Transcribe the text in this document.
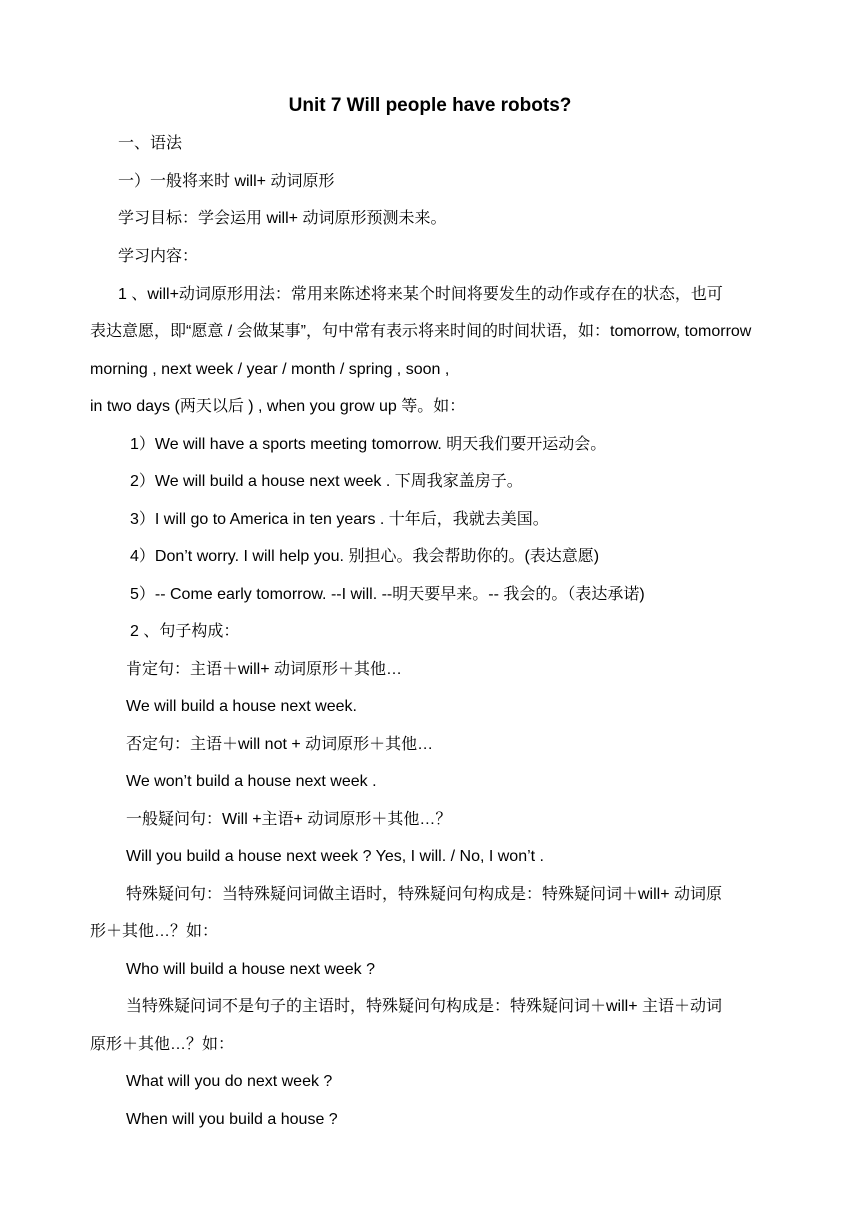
Unit 7 Will people have robots?

一、语法

一）一般将来时 will+ 动词原形

学习目标：学会运用 will+ 动词原形预测未来。

学习内容：

1 、will+动词原形用法：常用来陈述将来某个时间将要发生的动作或存在的状态，也可

表达意愿，即“愿意 / 会做某事”，句中常有表示将来时间的时间状语，如：tomorrow, tomorrow

morning , next week / year / month / spring , soon ,

in two days (两天以后 ) , when you grow up 等。如：

1）We will have a sports meeting tomorrow. 明天我们要开运动会。

2）We will build a house next week . 下周我家盖房子。

3）I will go to America in ten years . 十年后，我就去美国。

4）Don’t worry. I will help you. 别担心。我会帮助你的。(表达意愿)

5）-- Come early tomorrow. --I will. --明天要早来。-- 我会的。（表达承诺)

2 、句子构成：

肯定句：主语＋will+ 动词原形＋其他…

We will build a house next week.

否定句：主语＋will not + 动词原形＋其他…

We won’t build a house next week .

一般疑问句：Will +主语+ 动词原形＋其他…？

Will you build a house next week ? Yes, I will. / No, I won’t .

特殊疑问句：当特殊疑问词做主语时，特殊疑问句构成是：特殊疑问词＋will+ 动词原

形＋其他…？如：

Who will build a house next week ?

当特殊疑问词不是句子的主语时，特殊疑问句构成是：特殊疑问词＋will+ 主语＋动词

原形＋其他…？如：

What will you do next week ?

When will you build a house ?
